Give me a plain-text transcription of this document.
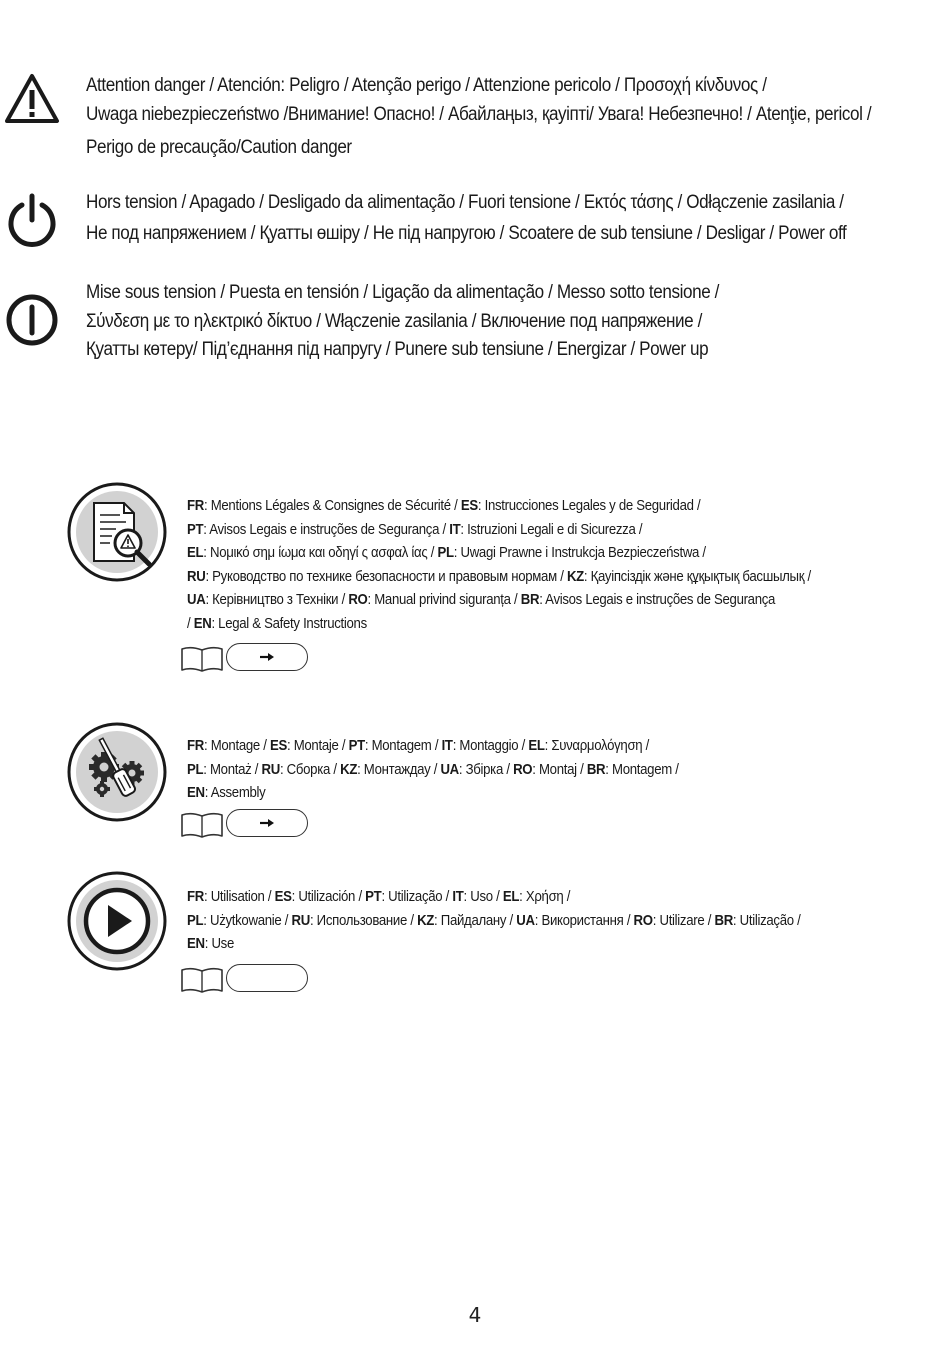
Attention danger / Atención: Peligro / Atenção perigo / Attenzione pericolo / Προσοχή κίνδυνος /
Uwaga niebezpieczeństwo /Внимание! Опасно! / Абайлаңыз, қауіпті/ Увага! Небезпечно! / Atenţie, pericol /
Perigo de precaução/Caution danger
Hors tension / Apagado / Desligado da alimentação / Fuori tensione / Εκτός τάσης / Odłączenie zasilania /
Не под напряжением / Қуатты өшіру / Не під напругою / Scoatere de sub tensiune / Desligar / Power off
Mise sous tension / Puesta en tensión / Ligação da alimentação / Messo sotto tensione /
Σύνδεση με το ηλεκτρικό δίκτυο / Włączenie zasilania / Включение под напряжение /
Қуатты көтеру/ Під’єднання під напругу / Punere sub tensiune / Energizar / Power up
FR: Mentions Légales & Consignes de Sécurité / ES: Instrucciones Legales y de Seguridad /
PT: Avisos Legais e instruções de Segurança / IT: Istruzioni Legali e di Sicurezza /
EL: Νομικό σημ ίωμα και οδηγί ς ασφαλ ίας / PL: Uwagi Prawne i Instrukcja Bezpieczeństwa /
RU: Руководство по технике безопасности и правовым нормам / KZ: Қауіпсіздік және құқықтық басшылық /
UA: Керівництво з Техніки / RO: Manual privind siguranța / BR: Avisos Legais e instruções de Segurança
/ EN: Legal & Safety Instructions
FR: Montage / ES: Montaje / PT: Montagem / IT: Montaggio / EL: Συναρμολόγηση /
PL: Montaż / RU: Сборка / KZ: Монтаждау / UA: Збірка / RO: Montaj / BR: Montagem /
EN: Assembly
FR: Utilisation / ES: Utilización / PT: Utilização / IT: Uso / EL: Χρήση /
PL: Użytkowanie / RU: Использование / KZ: Пайдалану / UA: Використання / RO: Utilizare / BR: Utilização /
EN: Use
4
